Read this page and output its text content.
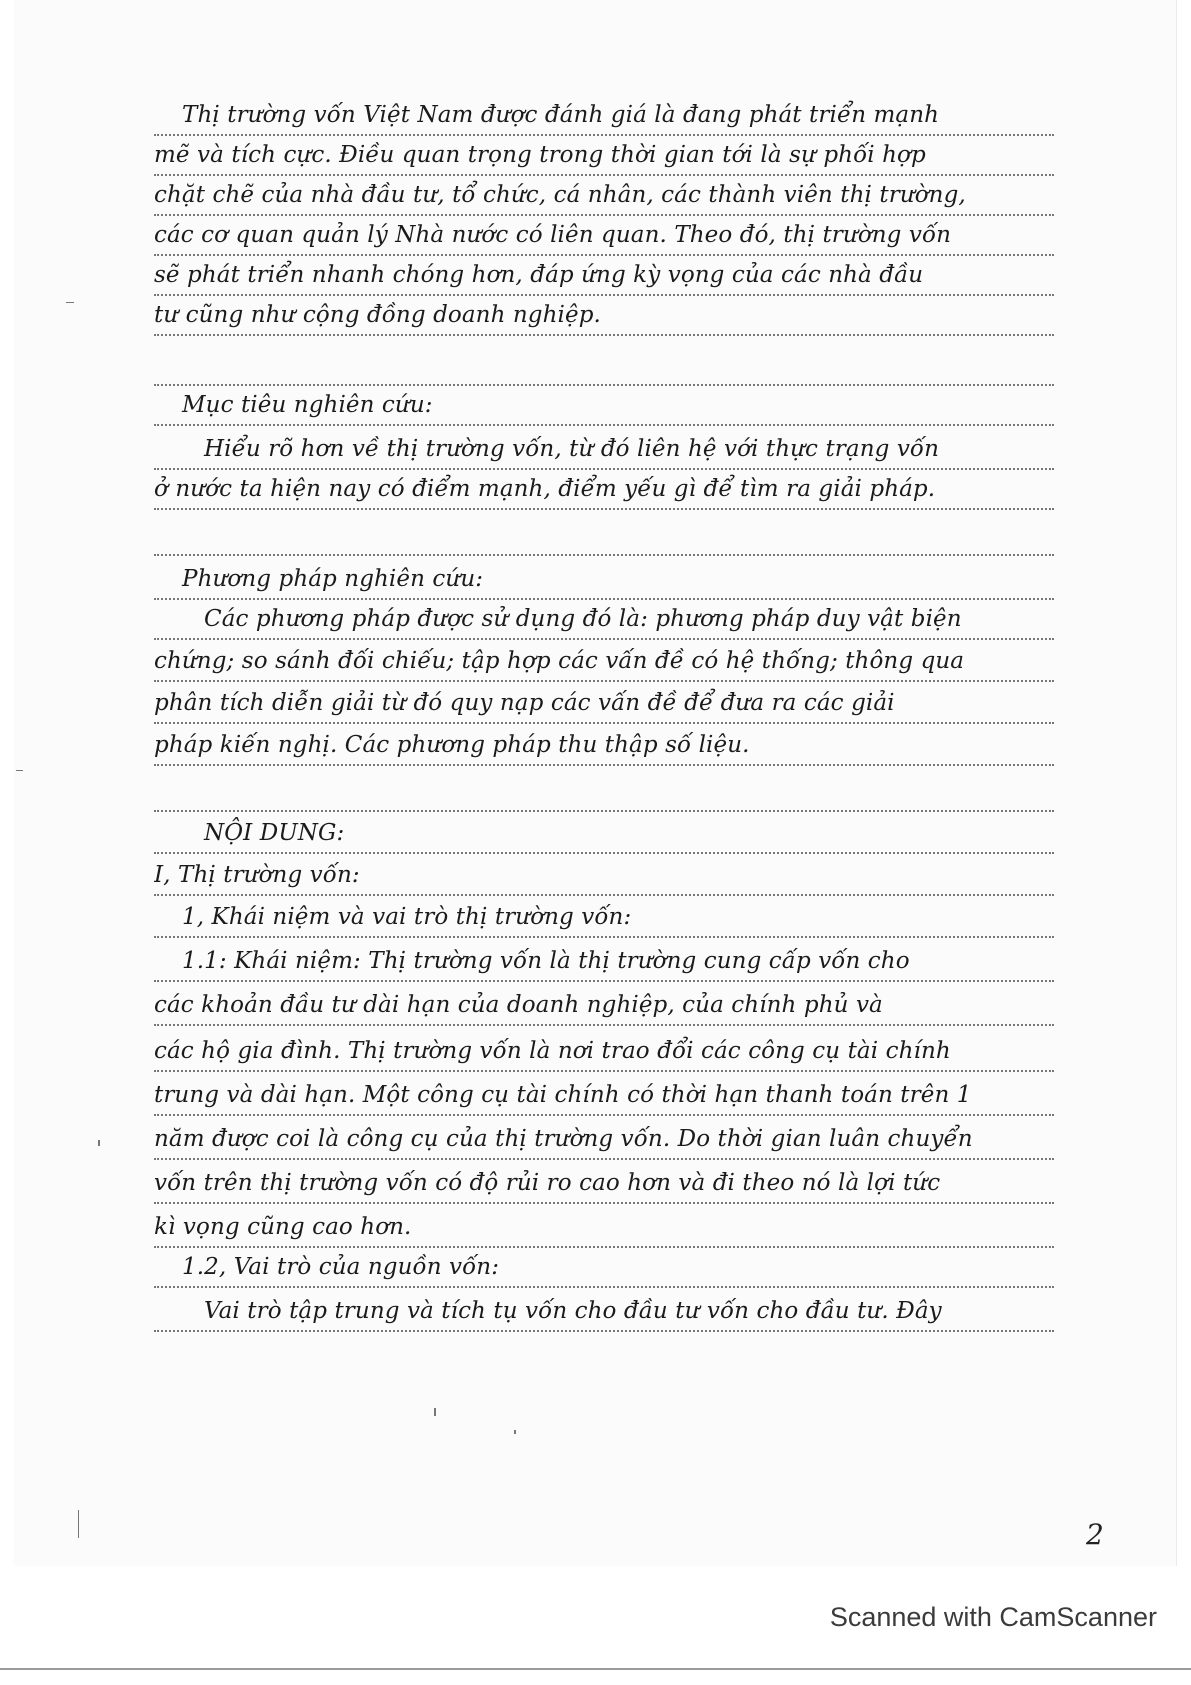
Thị trường vốn Việt Nam được đánh giá là đang phát triển mạnh
mẽ và tích cực. Điều quan trọng trong thời gian tới là sự phối hợp
chặt chẽ của nhà đầu tư, tổ chức, cá nhân, các thành viên thị trường,
các cơ quan quản lý Nhà nước có liên quan. Theo đó, thị trường vốn
sẽ phát triển nhanh chóng hơn, đáp ứng kỳ vọng của các nhà đầu
tư cũng như cộng đồng doanh nghiệp.
Mục tiêu nghiên cứu:
Hiểu rõ hơn về thị trường vốn, từ đó liên hệ với thực trạng vốn
ở nước ta hiện nay có điểm mạnh, điểm yếu gì để tìm ra giải pháp.
Phương pháp nghiên cứu:
Các phương pháp được sử dụng đó là: phương pháp duy vật biện
chứng; so sánh đối chiếu; tập hợp các vấn đề có hệ thống; thông qua
phân tích diễn giải từ đó quy nạp các vấn đề để đưa ra các giải
pháp kiến nghị. Các phương pháp thu thập số liệu.
NỘI DUNG:
I, Thị trường vốn:
1, Khái niệm và vai trò thị trường vốn:
1.1: Khái niệm: Thị trường vốn là thị trường cung cấp vốn cho
các khoản đầu tư dài hạn của doanh nghiệp, của chính phủ và
các hộ gia đình. Thị trường vốn là nơi trao đổi các công cụ tài chính
trung và dài hạn. Một công cụ tài chính có thời hạn thanh toán trên 1
năm được coi là công cụ của thị trường vốn. Do thời gian luân chuyển
vốn trên thị trường vốn có độ rủi ro cao hơn và đi theo nó là lợi tức
kì vọng cũng cao hơn.
1.2, Vai trò của nguồn vốn:
Vai trò tập trung và tích tụ vốn cho đầu tư vốn cho đầu tư. Đây
2
Scanned with CamScanner
